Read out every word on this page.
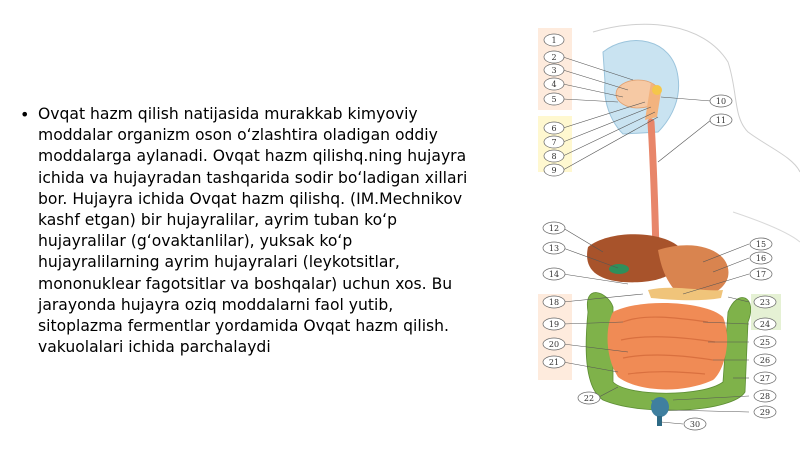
• Ovqat hazm qilish natijasida murakkab kimyoviy
moddalar organizm oson oʻzlashtira oladigan oddiy
moddalarga aylanadi. Ovqat hazm qilishq.ning hujayra
ichida va hujayradan tashqarida sodir boʻladigan xillari
bor. Hujayra ichida Ovqat hazm qilishq. (IM.Mechnikov
kashf etgan) bir hujayralilar, ayrim tuban koʻp
hujayralilar (gʻovaktanlilar), yuksak koʻp
hujayralilarning ayrim hujayralari (leykotsitlar,
mononuklear fagotsitlar va boshqalar) uchun xos. Bu
jarayonda hujayra oziq moddalarni faol yutib,
sitoplazma fermentlar yordamida Ovqat hazm qilish.
vakuolalari ichida parchalaydi

1
2
3
4
5
6
7
8
9
10
11
12
13
14
15
16
17
18
19
20
21
22
23
24
25
26
27
28
29
30
